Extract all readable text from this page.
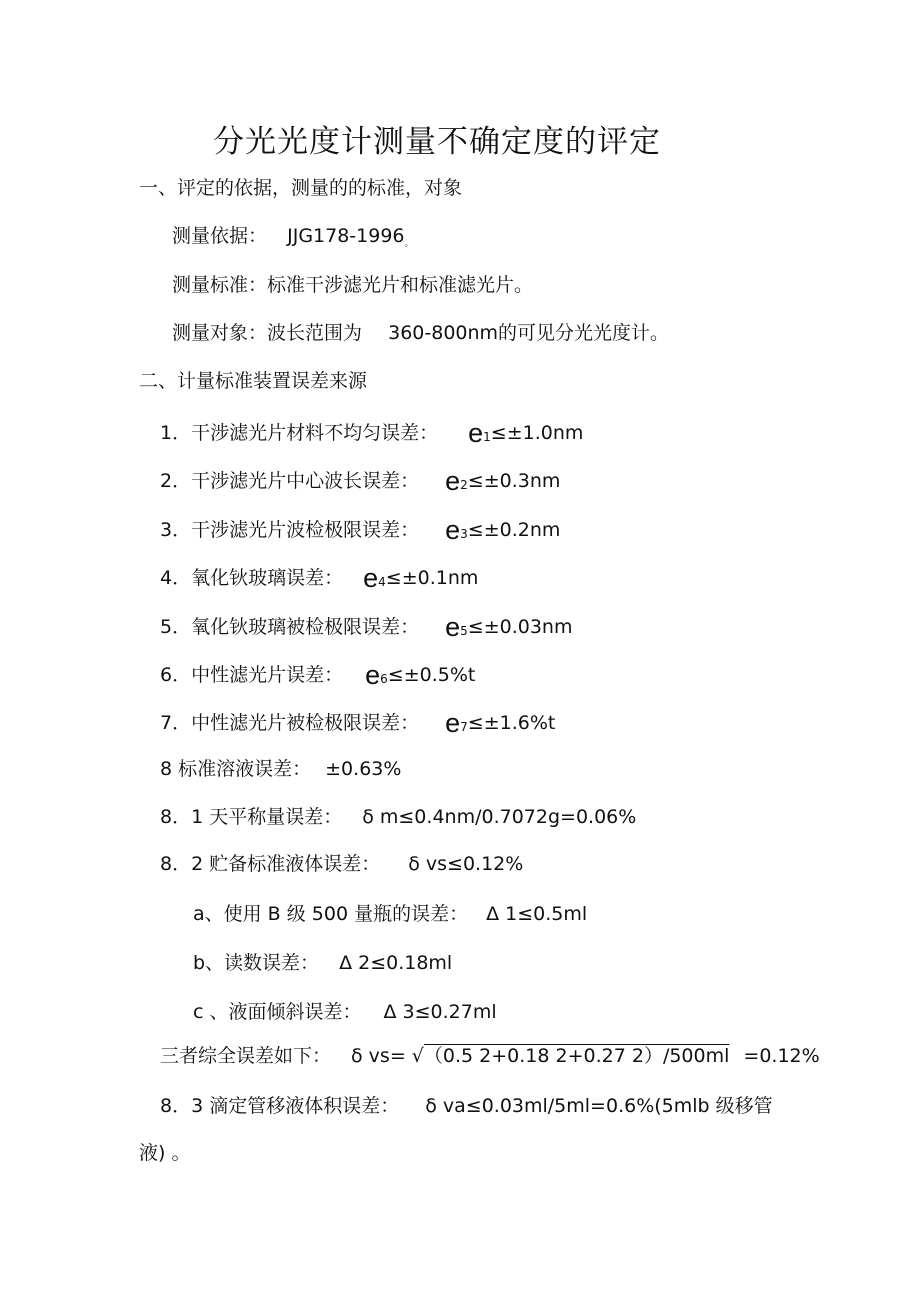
分光光度计测量不确定度的评定
一、评定的依据，测量的的标准，对象
测量依据： $JJG178-1996_。$
测量标准：标准干涉滤光片和标准滤光片。
测量对象：波长范围为 360-800nm的可见分光光度计。
二、计量标准装置误差来源
1．干涉滤光片材料不均匀误差： e1≤±1.0nm
2．干涉滤光片中心波长误差： e2≤±0.3nm
3．干涉滤光片波检极限误差： e3≤±0.2nm
4．氧化钬玻璃误差： e4≤±0.1nm
5．氧化钬玻璃被检极限误差： e5≤±0.03nm
6．中性滤光片误差： e6≤±0.5%t
7．中性滤光片被检极限误差： e7≤±1.6%t
8 标准溶液误差： ±0.63%
8．1 天平称量误差： δ m≤0.4nm/0.7072g=0.06%
8．2 贮备标准液体误差： δ vs≤0.12%
a、使用 B 级 500 量瓶的误差： Δ 1≤0.5ml
b、读数误差： Δ 2≤0.18ml
c 、液面倾斜误差： Δ 3≤0.27ml
三者综全误差如下： δ vs= √（0.5 2+0.18 2+0.27 2）/500ml =0.12%
8．3 滴定管移液体积误差： δ va≤0.03ml/5ml=0.6%(5mlb 级移管
液) 。
